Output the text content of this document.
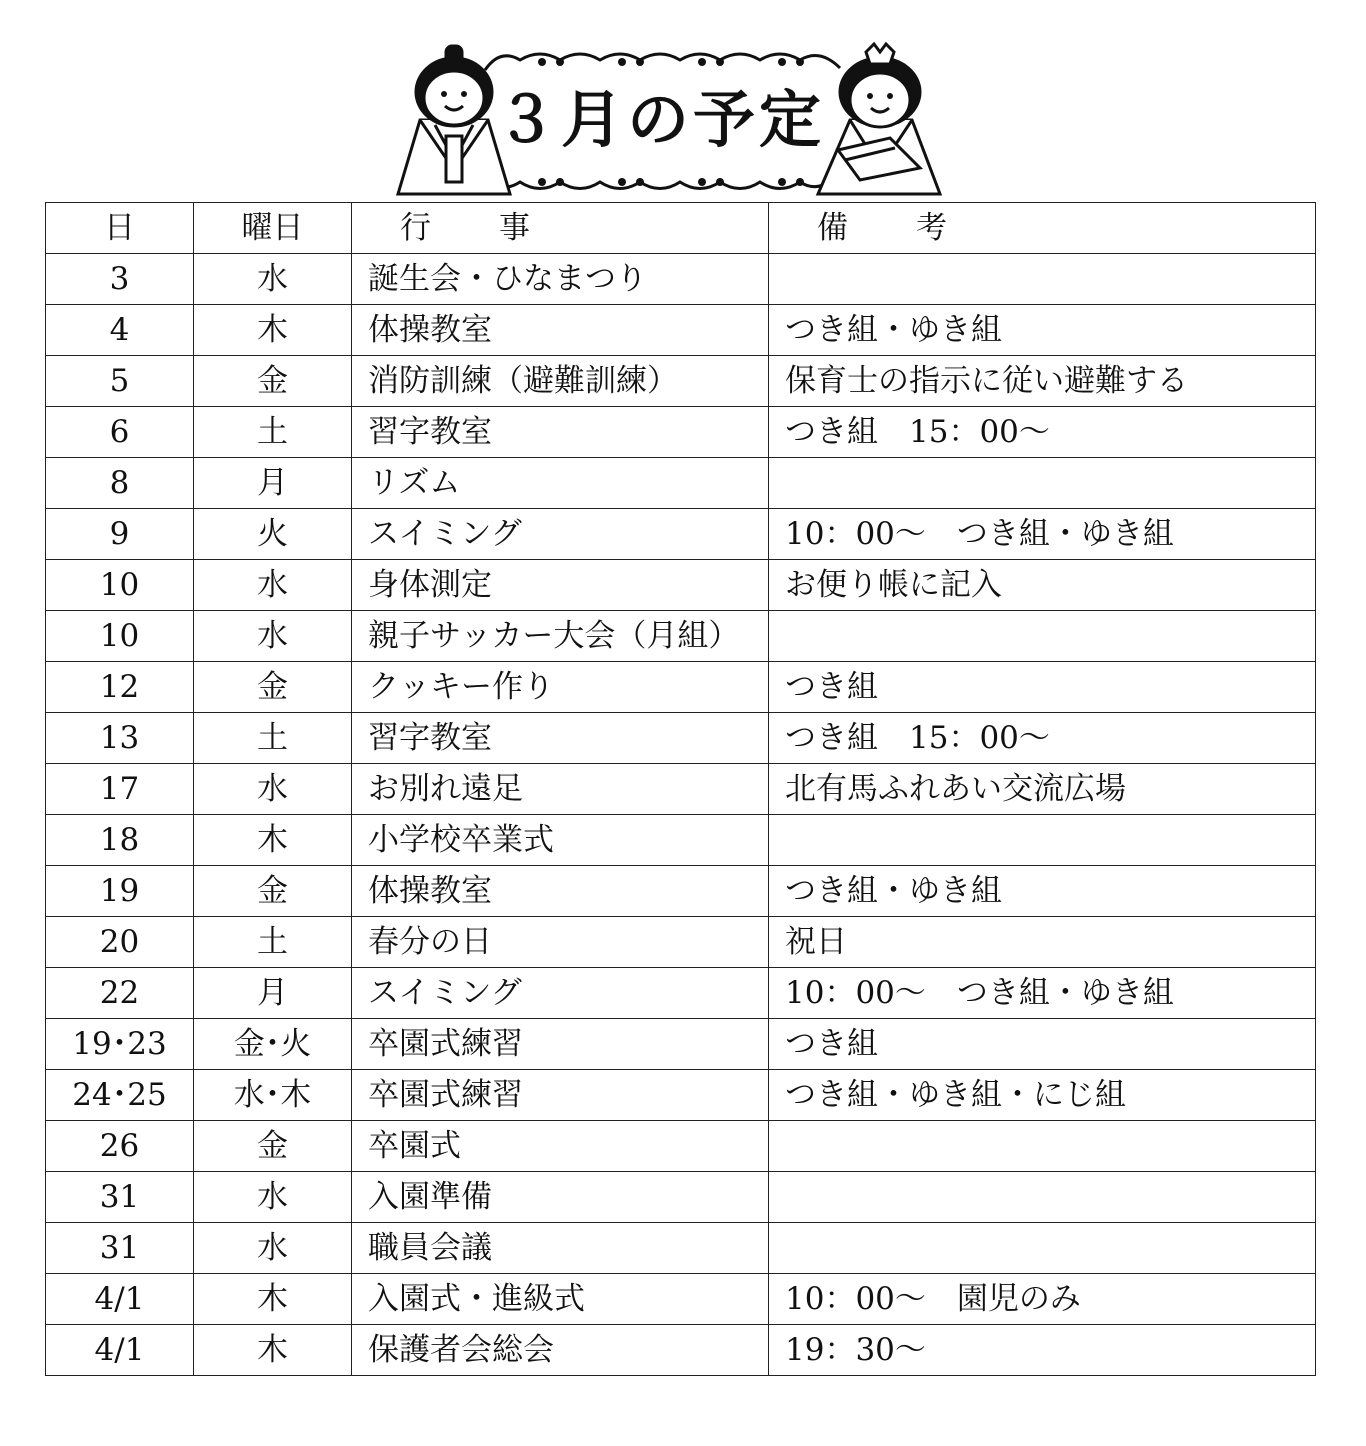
３月の予定
日	曜日	行　　事	備　　考
3	水	誕生会・ひなまつり	
4	木	体操教室	つき組・ゆき組
5	金	消防訓練（避難訓練）	保育士の指示に従い避難する
6	土	習字教室	つき組　15：00～
8	月	リズム	
9	火	スイミング	10：00～　つき組・ゆき組
10	水	身体測定	お便り帳に記入
10	水	親子サッカー大会（月組）	
12	金	クッキー作り	つき組
13	土	習字教室	つき組　15：00～
17	水	お別れ遠足	北有馬ふれあい交流広場
18	木	小学校卒業式	
19	金	体操教室	つき組・ゆき組
20	土	春分の日	祝日
22	月	スイミング	10：00～　つき組・ゆき組
19･23	金･火	卒園式練習	つき組
24･25	水･木	卒園式練習	つき組・ゆき組・にじ組
26	金	卒園式	
31	水	入園準備	
31	水	職員会議	
4/1	木	入園式・進級式	10：00～　園児のみ
4/1	木	保護者会総会	19：30～
